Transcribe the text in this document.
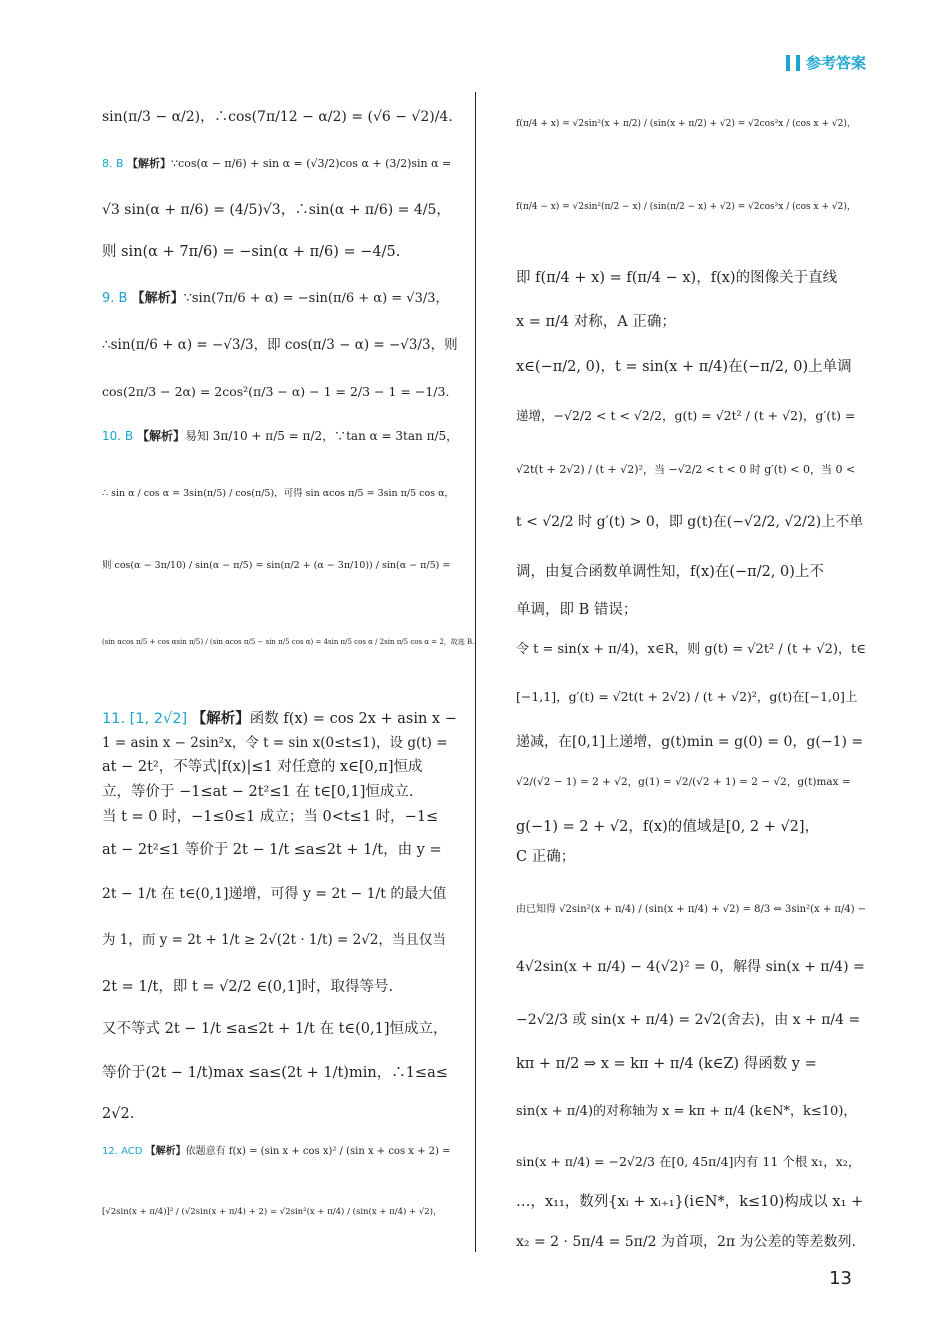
参考答案
sin(π/3 − α/2)，∴cos(7π/12 − α/2) = (√6 − √2)/4.
8. B 【解析】∵cos(α − π/6) + sin α = (√3/2)cos α + (3/2)sin α =
√3 sin(α + π/6) = (4/5)√3，∴sin(α + π/6) = 4/5，
则 sin(α + 7π/6) = −sin(α + π/6) = −4/5.
9. B 【解析】∵sin(7π/6 + α) = −sin(π/6 + α) = √3/3，
∴sin(π/6 + α) = −√3/3，即 cos(π/3 − α) = −√3/3，则
cos(2π/3 − 2α) = 2cos²(π/3 − α) − 1 = 2/3 − 1 = −1/3.
10. B 【解析】易知 3π/10 + π/5 = π/2，∵tan α = 3tan π/5，
∴ sin α / cos α = 3sin(π/5) / cos(π/5)，可得 sin αcos π/5 = 3sin π/5 cos α，
则 cos(α − 3π/10) / sin(α − π/5) = sin(π/2 + (α − 3π/10)) / sin(α − π/5) =
(sin αcos π/5 + cos αsin π/5) / (sin αcos π/5 − sin π/5 cos α) = 4sin π/5 cos α / 2sin π/5 cos α = 2，故选 B.
11. [1, 2√2] 【解析】函数 f(x) = cos 2x + asin x −
1 = asin x − 2sin²x，令 t = sin x(0≤t≤1)，设 g(t) =
at − 2t²，不等式|f(x)|≤1 对任意的 x∈[0,π]恒成
立，等价于 −1≤at − 2t²≤1 在 t∈[0,1]恒成立.
当 t = 0 时，−1≤0≤1 成立；当 0<t≤1 时，−1≤
at − 2t²≤1 等价于 2t − 1/t ≤a≤2t + 1/t，由 y =
2t − 1/t 在 t∈(0,1]递增，可得 y = 2t − 1/t 的最大值
为 1，而 y = 2t + 1/t ≥ 2√(2t · 1/t) = 2√2，当且仅当
2t = 1/t，即 t = √2/2 ∈(0,1]时，取得等号.
又不等式 2t − 1/t ≤a≤2t + 1/t 在 t∈(0,1]恒成立，
等价于(2t − 1/t)max ≤a≤(2t + 1/t)min，∴1≤a≤
2√2.
12. ACD 【解析】依题意有 f(x) = (sin x + cos x)² / (sin x + cos x + 2) =
[√2sin(x + π/4)]² / (√2sin(x + π/4) + 2) = √2sin²(x + π/4) / (sin(x + π/4) + √2)，
f(π/4 + x) = √2sin²(x + π/2) / (sin(x + π/2) + √2) = √2cos²x / (cos x + √2)，
f(π/4 − x) = √2sin²(π/2 − x) / (sin(π/2 − x) + √2) = √2cos²x / (cos x + √2)，
即 f(π/4 + x) = f(π/4 − x)，f(x)的图像关于直线
x = π/4 对称，A 正确；
x∈(−π/2, 0)，t = sin(x + π/4)在(−π/2, 0)上单调
递增，−√2/2 < t < √2/2，g(t) = √2t² / (t + √2)，g′(t) =
√2t(t + 2√2) / (t + √2)²，当 −√2/2 < t < 0 时 g′(t) < 0，当 0 <
t < √2/2 时 g′(t) > 0，即 g(t)在(−√2/2, √2/2)上不单
调，由复合函数单调性知，f(x)在(−π/2, 0)上不
单调，即 B 错误；
令 t = sin(x + π/4)，x∈R，则 g(t) = √2t² / (t + √2)，t∈
[−1,1]，g′(t) = √2t(t + 2√2) / (t + √2)²，g(t)在[−1,0]上
递减，在[0,1]上递增，g(t)min = g(0) = 0，g(−1) =
√2/(√2 − 1) = 2 + √2，g(1) = √2/(√2 + 1) = 2 − √2，g(t)max =
g(−1) = 2 + √2，f(x)的值域是[0, 2 + √2]，
C 正确；
由已知得 √2sin²(x + π/4) / (sin(x + π/4) + √2) = 8/3 ⇔ 3sin²(x + π/4) −
4√2sin(x + π/4) − 4(√2)² = 0，解得 sin(x + π/4) =
−2√2/3 或 sin(x + π/4) = 2√2(舍去)，由 x + π/4 =
kπ + π/2 ⇒ x = kπ + π/4 (k∈Z) 得函数 y =
sin(x + π/4)的对称轴为 x = kπ + π/4 (k∈N*，k≤10)，
sin(x + π/4) = −2√2/3 在[0, 45π/4]内有 11 个根 x₁，x₂，
…，x₁₁，数列{xᵢ + xᵢ₊₁}(i∈N*，k≤10)构成以 x₁ +
x₂ = 2 · 5π/4 = 5π/2 为首项，2π 为公差的等差数列.
13
